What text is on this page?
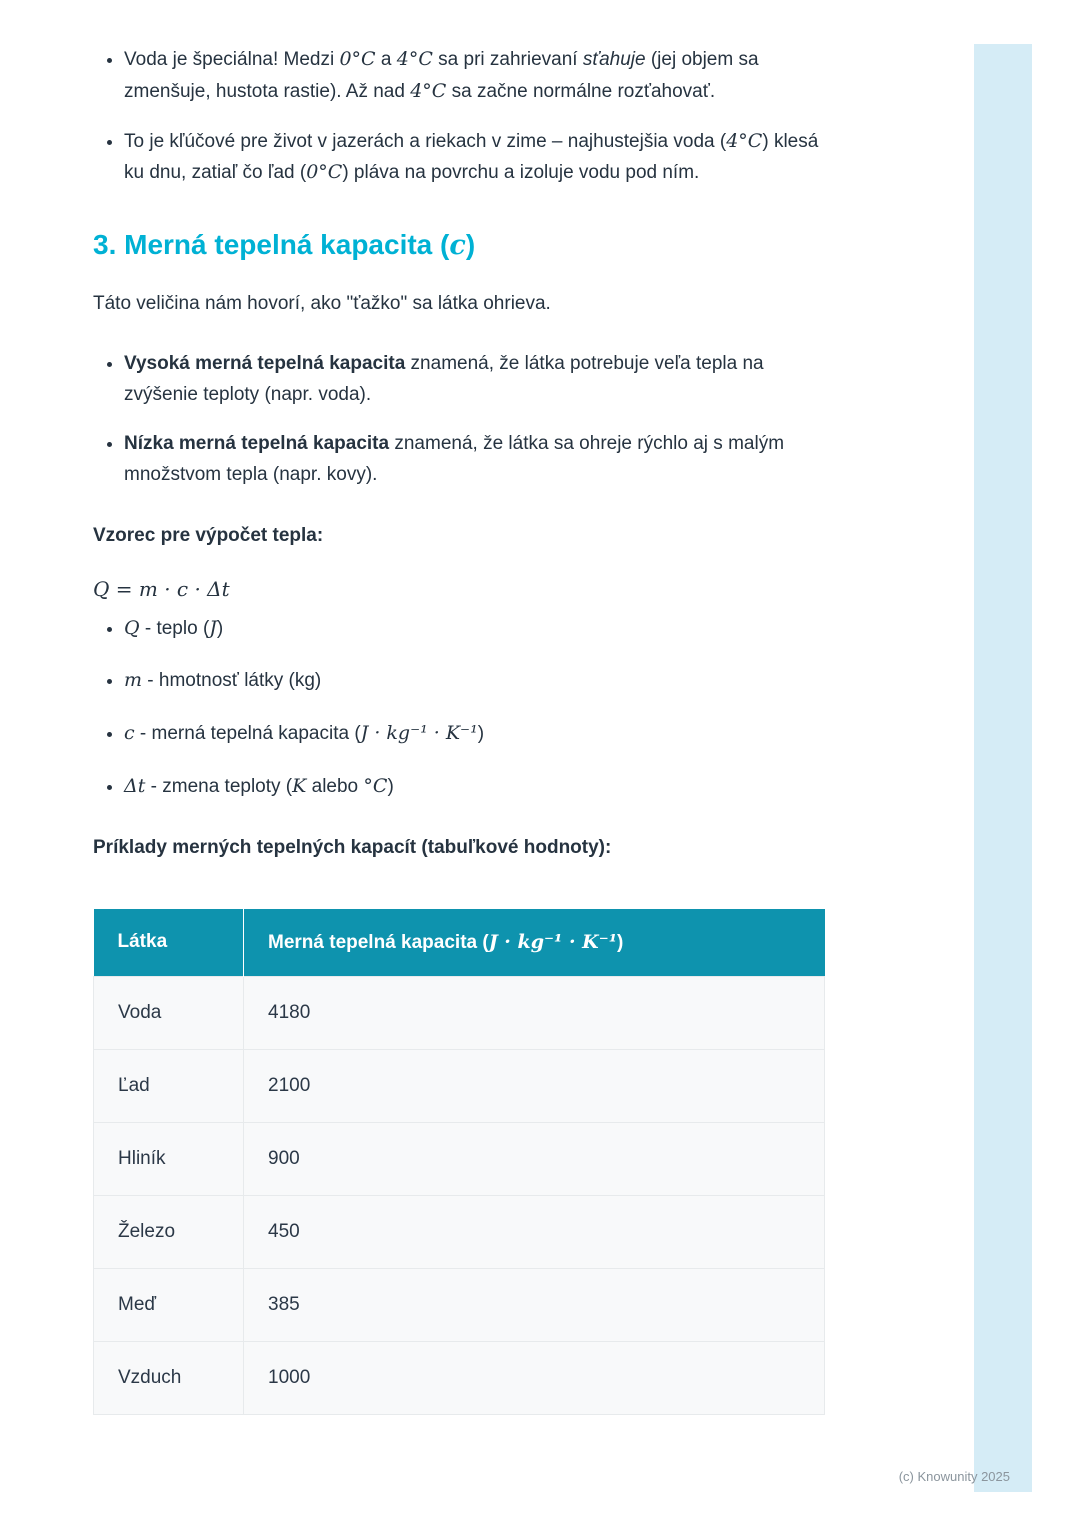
• Voda je špeciálna! Medzi 0°C a 4°C sa pri zahrievaní sťahuje (jej objem sa zmenšuje, hustota rastie). Až nad 4°C sa začne normálne rozťahovať.
• To je kľúčové pre život v jazerách a riekach v zime – najhustejšia voda (4°C) klesá ku dnu, zatiaľ čo ľad (0°C) pláva na povrchu a izoluje vodu pod ním.
3. Merná tepelná kapacita (c)

Táto veličina nám hovorí, ako "ťažko" sa látka ohrieva.

• Vysoká merná tepelná kapacita znamená, že látka potrebuje veľa tepla na zvýšenie teploty (napr. voda).
• Nízka merná tepelná kapacita znamená, že látka sa ohreje rýchlo aj s malým množstvom tepla (napr. kovy).

Vzorec pre výpočet tepla:

Q = m · c · Δt

• Q - teplo (J)
• m - hmotnosť látky (kg)
• c - merná tepelná kapacita (J · kg⁻¹ · K⁻¹)
• Δt - zmena teploty (K alebo °C)

Príklady merných tepelných kapacít (tabuľkové hodnoty):

Látka	Merná tepelná kapacita (J · kg⁻¹ · K⁻¹)
Voda	4180
Ľad	2100
Hliník	900
Železo	450
Meď	385
Vzduch	1000
(c) Knowunity 2025
